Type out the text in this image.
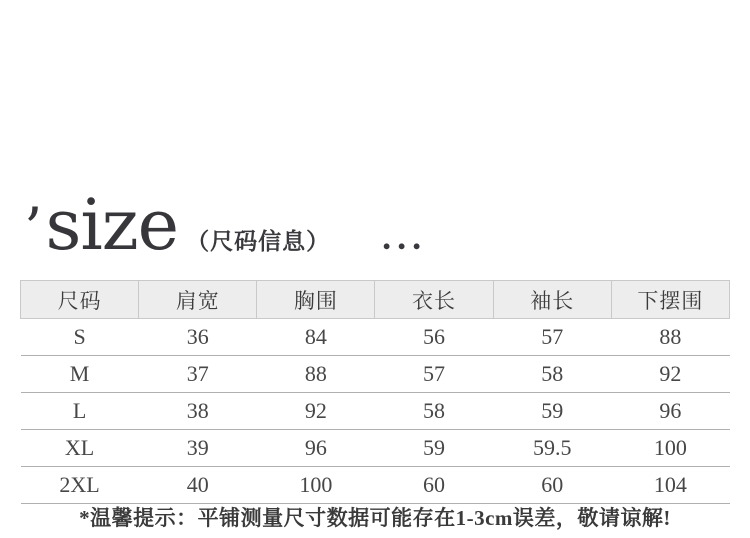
’ size （尺码信息） ...
尺码	肩宽	胸围	衣长	袖长	下摆围
S	36	84	56	57	88
M	37	88	57	58	92
L	38	92	58	59	96
XL	39	96	59	59.5	100
2XL	40	100	60	60	104
*温馨提示：平铺测量尺寸数据可能存在1-3cm误差，敬请谅解!
